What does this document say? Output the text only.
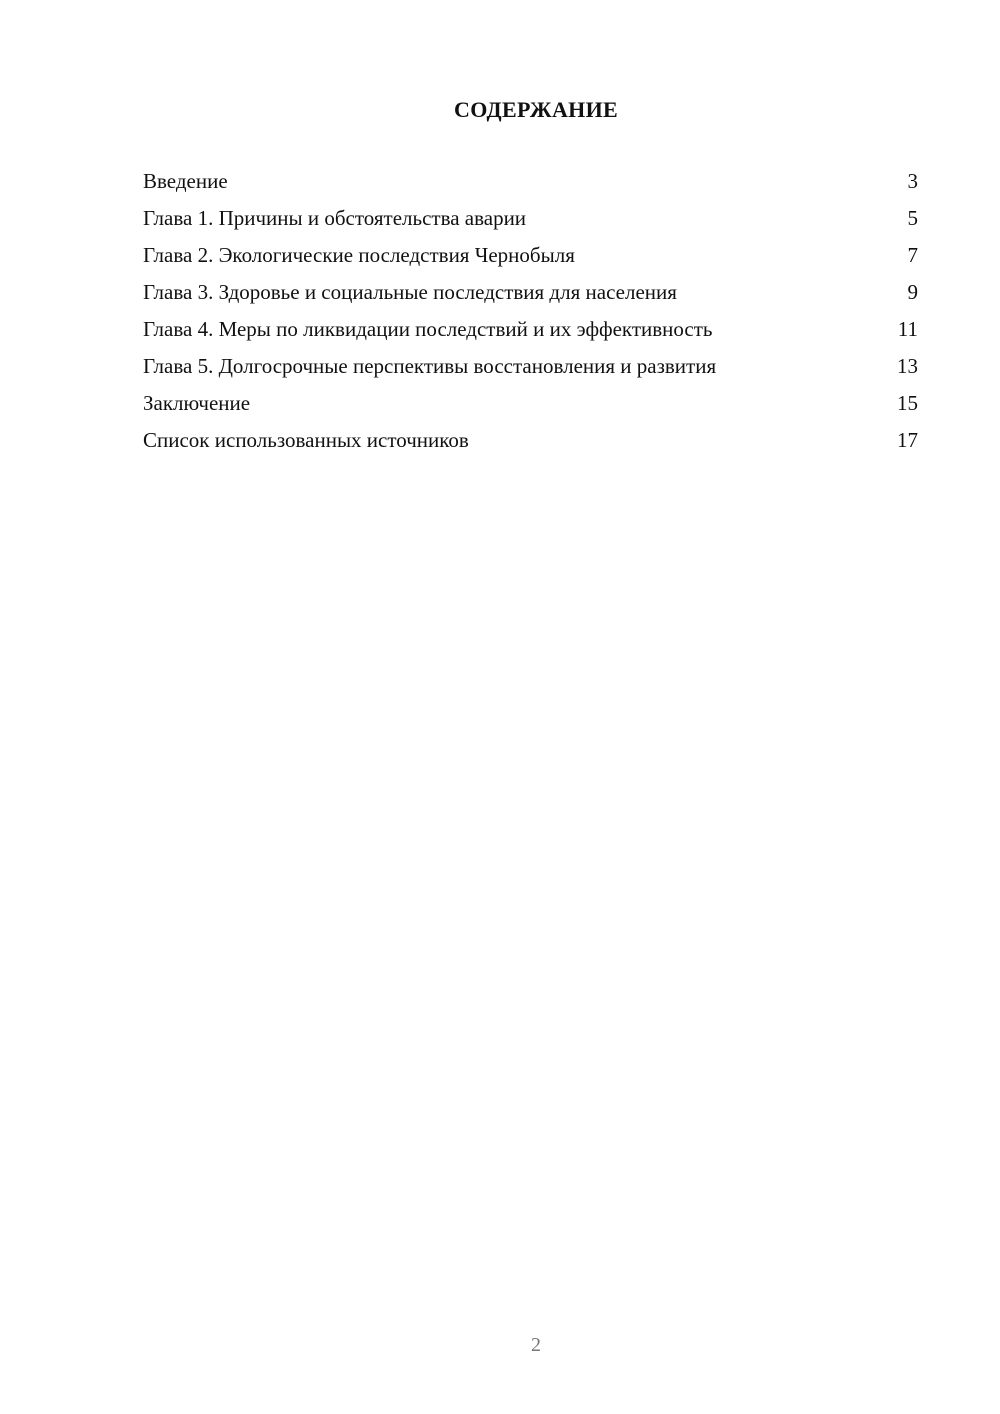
СОДЕРЖАНИЕ
Введение	3
Глава 1. Причины и обстоятельства аварии	5
Глава 2. Экологические последствия Чернобыля	7
Глава 3. Здоровье и социальные последствия для населения	9
Глава 4. Меры по ликвидации последствий и их эффективность	11
Глава 5. Долгосрочные перспективы восстановления и развития	13
Заключение	15
Список использованных источников	17
2
